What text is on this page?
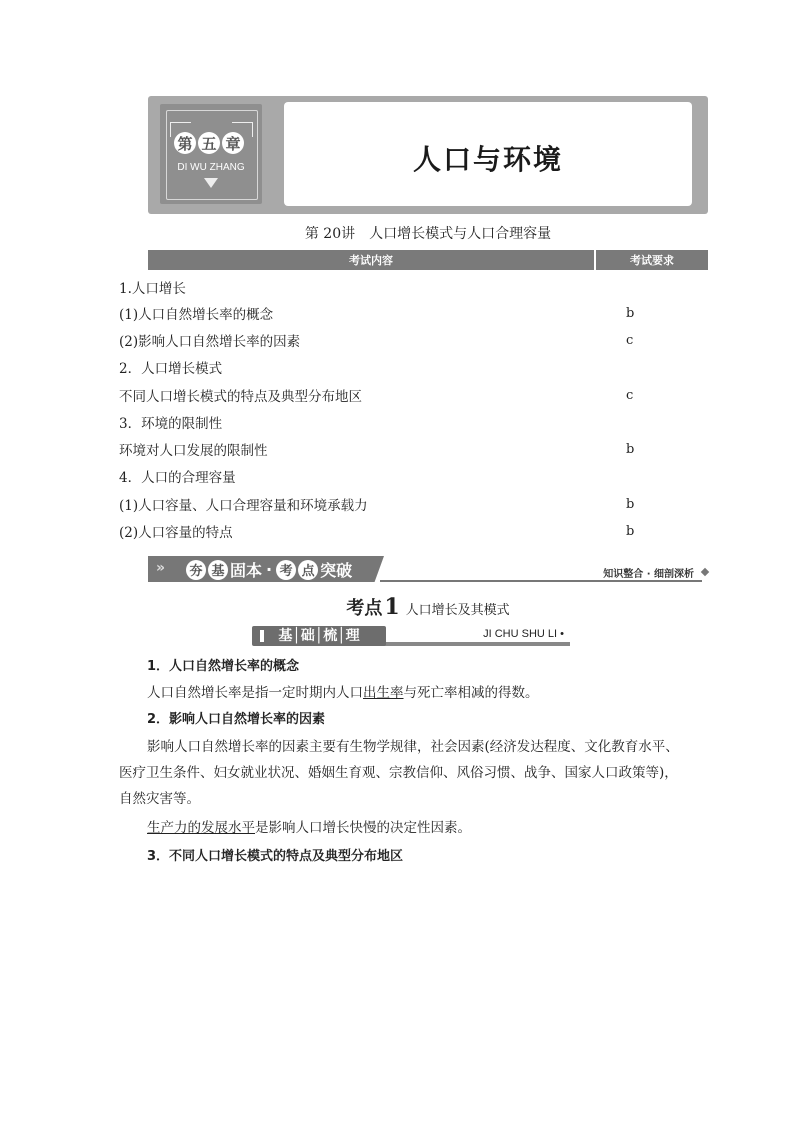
第 五 章
DI WU ZHANG	人口与环境
第 20讲　人口增长模式与人口合理容量
考试内容	考试要求
1.人口增长
(1)人口自然增长率的概念	b
(2)影响人口自然增长率的因素	c
2．人口增长模式
不同人口增长模式的特点及典型分布地区	c
3．环境的限制性
环境对人口发展的限制性	b
4．人口的合理容量
(1)人口容量、人口合理容量和环境承载力	b
(2)人口容量的特点	b
» 夯 基 固本 · 考 点 突破	知识整合 · 细剖深析
考点1 人口增长及其模式
基│础│梳│理	JI CHU SHU LI •
1．人口自然增长率的概念
人口自然增长率是指一定时期内人口出生率与死亡率相减的得数。
2．影响人口自然增长率的因素
影响人口自然增长率的因素主要有生物学规律，社会因素(经济发达程度、文化教育水平、医疗卫生条件、妇女就业状况、婚姻生育观、宗教信仰、风俗习惯、战争、国家人口政策等)，自然灾害等。
生产力的发展水平是影响人口增长快慢的决定性因素。
3．不同人口增长模式的特点及典型分布地区
